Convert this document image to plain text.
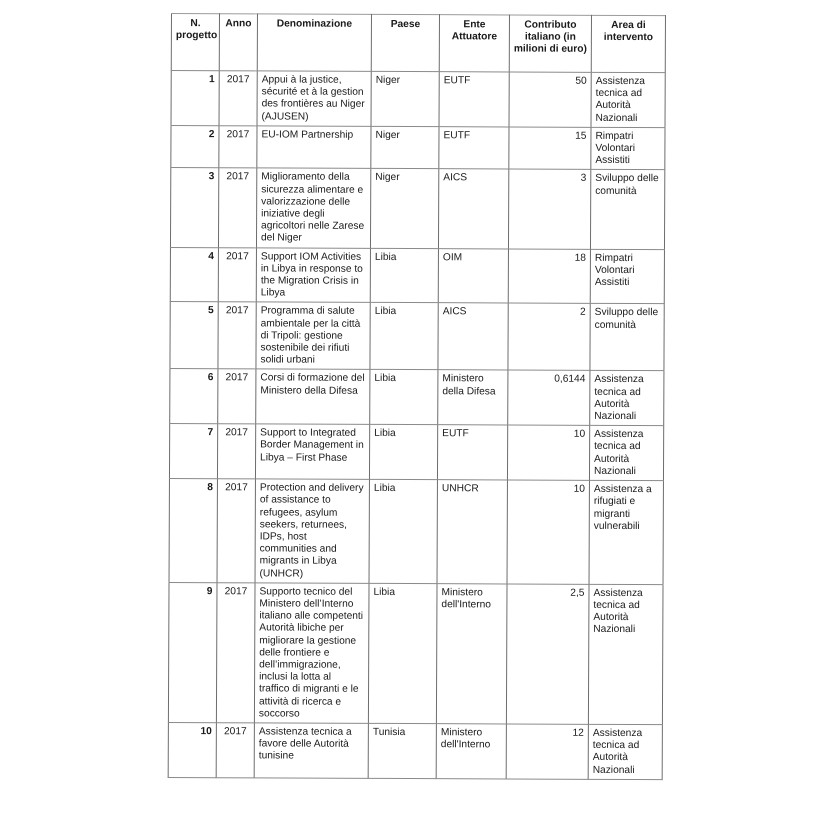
N. progetto	Anno	Denominazione	Paese	Ente Attuatore	Contributo italiano (in milioni di euro)	Area di intervento
1	2017	Appui à la justice, sécurité et à la gestion des frontières au Niger (AJUSEN)	Niger	EUTF	50	Assistenza tecnica ad Autorità Nazionali
2	2017	EU-IOM Partnership	Niger	EUTF	15	Rimpatri Volontari Assistiti
3	2017	Miglioramento della sicurezza alimentare e valorizzazione delle iniziative degli agricoltori nelle Zarese del Niger	Niger	AICS	3	Sviluppo delle comunità
4	2017	Support IOM Activities in Libya in response to the Migration Crisis in Libya	Libia	OIM	18	Rimpatri Volontari Assistiti
5	2017	Programma di salute ambientale per la città di Tripoli: gestione sostenibile dei rifiuti solidi urbani	Libia	AICS	2	Sviluppo delle comunità
6	2017	Corsi di formazione del Ministero della Difesa	Libia	Ministero della Difesa	0,6144	Assistenza tecnica ad Autorità Nazionali
7	2017	Support to Integrated Border Management in Libya – First Phase	Libia	EUTF	10	Assistenza tecnica ad Autorità Nazionali
8	2017	Protection and delivery of assistance to refugees, asylum seekers, returnees, IDPs, host communities and migrants in Libya (UNHCR)	Libia	UNHCR	10	Assistenza a rifugiati e migranti vulnerabili
9	2017	Supporto tecnico del Ministero dell’Interno italiano alle competenti Autorità libiche per migliorare la gestione delle frontiere e dell’immigrazione, inclusi la lotta al traffico di migranti e le attività di ricerca e soccorso	Libia	Ministero dell'Interno	2,5	Assistenza tecnica ad Autorità Nazionali
10	2017	Assistenza tecnica a favore delle Autorità tunisine	Tunisia	Ministero dell'Interno	12	Assistenza tecnica ad Autorità Nazionali
